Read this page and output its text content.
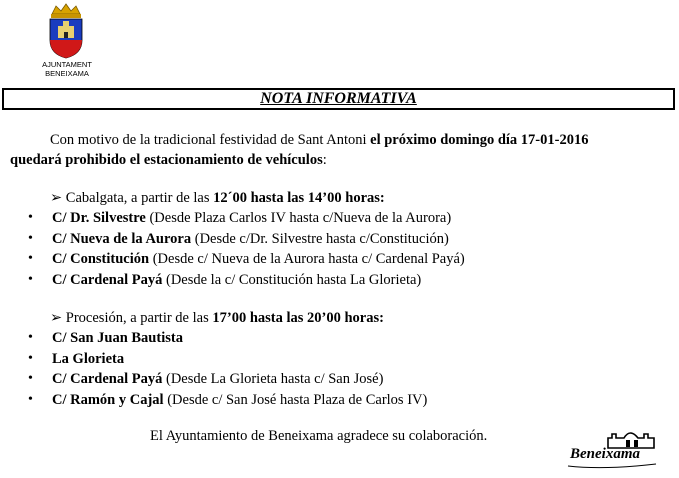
AJUNTAMENT
BENEIXAMA
NOTA INFORMATIVA
Con motivo de la tradicional festividad de Sant Antoni el próximo domingo día 17-01-2016
quedará prohibido el estacionamiento de vehículos:
➢ Cabalgata, a partir de las 12´00 hasta las 14’00 horas:
• C/ Dr. Silvestre (Desde Plaza Carlos IV hasta c/Nueva de la Aurora)
• C/ Nueva de la Aurora (Desde c/Dr. Silvestre hasta c/Constitución)
• C/ Constitución (Desde c/ Nueva de la Aurora hasta c/ Cardenal Payá)
• C/ Cardenal Payá (Desde la c/ Constitución hasta La Glorieta)
➢ Procesión, a partir de las 17’00 hasta las 20’00 horas:
• C/ San Juan Bautista
• La Glorieta
• C/ Cardenal Payá (Desde La Glorieta hasta c/ San José)
• C/ Ramón y Cajal (Desde c/ San José hasta Plaza de Carlos IV)
El Ayuntamiento de Beneixama agradece su colaboración.
Beneixama
